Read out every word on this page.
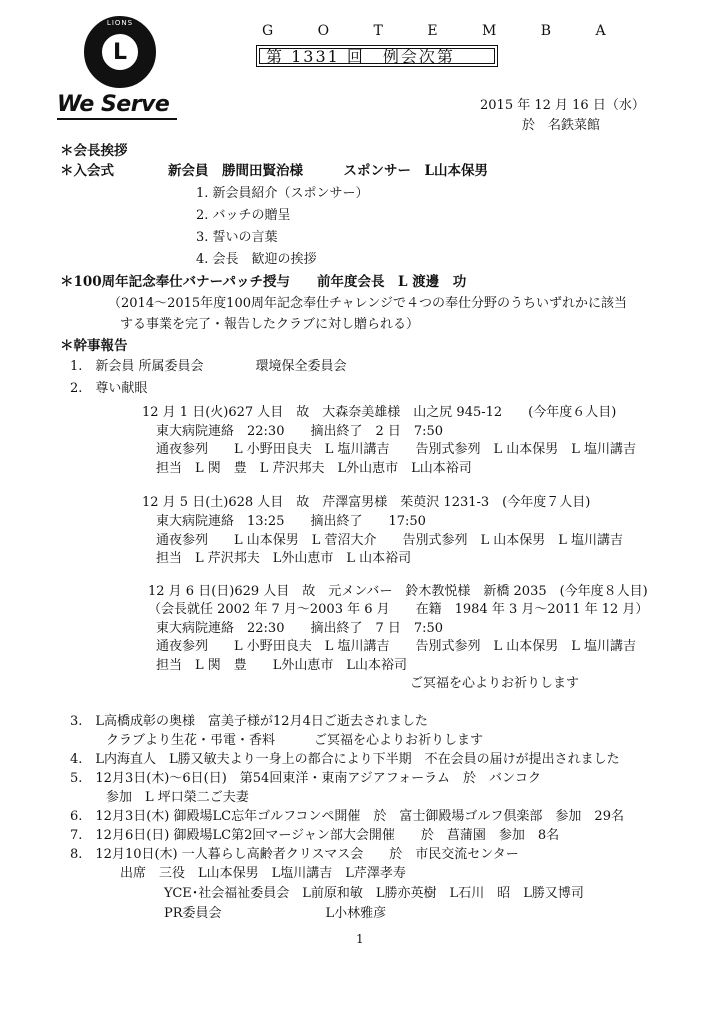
LIONS
L
We Serve
G O T E M B A
第 1331 回　例会次第
2015 年 12 月 16 日（水）
於　名鉄菜館
＊会長挨拶
＊入会式　　　　新会員　勝間田賢治様　　　スポンサー　L山本保男
1. 新会員紹介（スポンサー）
2. バッチの贈呈
3. 誓いの言葉
4. 会長　歓迎の挨拶
＊100周年記念奉仕バナーパッチ授与　　前年度会長　L 渡邊　功
（2014～2015年度100周年記念奉仕チャレンジで４つの奉仕分野のうちいずれかに該当
する事業を完了・報告したクラブに対し贈られる）
＊幹事報告
1.　新会員 所属委員会　　　　環境保全委員会
2.　尊い献眼
12 月 1 日(火)627 人目　故　大森奈美雄様　山之尻 945-12　　(今年度６人目)
東大病院連絡　22:30　　摘出終了　2 日　7:50
通夜参列　　L 小野田良夫　L 塩川講吉　　告別式参列　L 山本保男　L 塩川講吉
担当　L 関　豊　L 芹沢邦夫　L外山恵市　L山本裕司
12 月 5 日(土)628 人目　故　芹澤富男様　茱萸沢 1231-3　(今年度７人目)
東大病院連絡　13:25　　摘出終了　　17:50
通夜参列　　L 山本保男　L 菅沼大介　　告別式参列　L 山本保男　L 塩川講吉
担当　L 芹沢邦夫　L外山恵市　L 山本裕司
12 月 6 日(日)629 人目　故　元メンバー　鈴木教悦様　新橋 2035　(今年度８人目)
（会長就任 2002 年 7 月～2003 年 6 月　　在籍　1984 年 3 月～2011 年 12 月）
東大病院連絡　22:30　　摘出終了　7 日　7:50
通夜参列　　L 小野田良夫　L 塩川講吉　　告別式参列　L 山本保男　L 塩川講吉
担当　L 関　豊　　L外山恵市　L山本裕司
ご冥福を心よりお祈りします
3.　L高橋成彰の奥様　富美子様が12月4日ご逝去されました
クラブより生花・弔電・香料　　　ご冥福を心よりお祈りします
4.　L内海直人　L勝又敏夫より一身上の都合により下半期　不在会員の届けが提出されました
5.　12月3日(木)～6日(日)　第54回東洋・東南アジアフォーラム　於　バンコク
参加　L 坪口榮二ご夫妻
6.　12月3日(木) 御殿場LC忘年ゴルフコンペ開催　於　富士御殿場ゴルフ倶楽部　参加　29名
7.　12月6日(日) 御殿場LC第2回マージャン部大会開催　　於　菖蒲園　参加　8名
8.　12月10日(木) 一人暮らし高齢者クリスマス会　　於　市民交流センター
出席　三役　L山本保男　L塩川講吉　L芹澤孝寿
YCE･社会福祉委員会　L前原和敏　L勝亦英樹　L石川　昭　L勝又博司
PR委員会　　　　　　　　L小林雅彦
1
